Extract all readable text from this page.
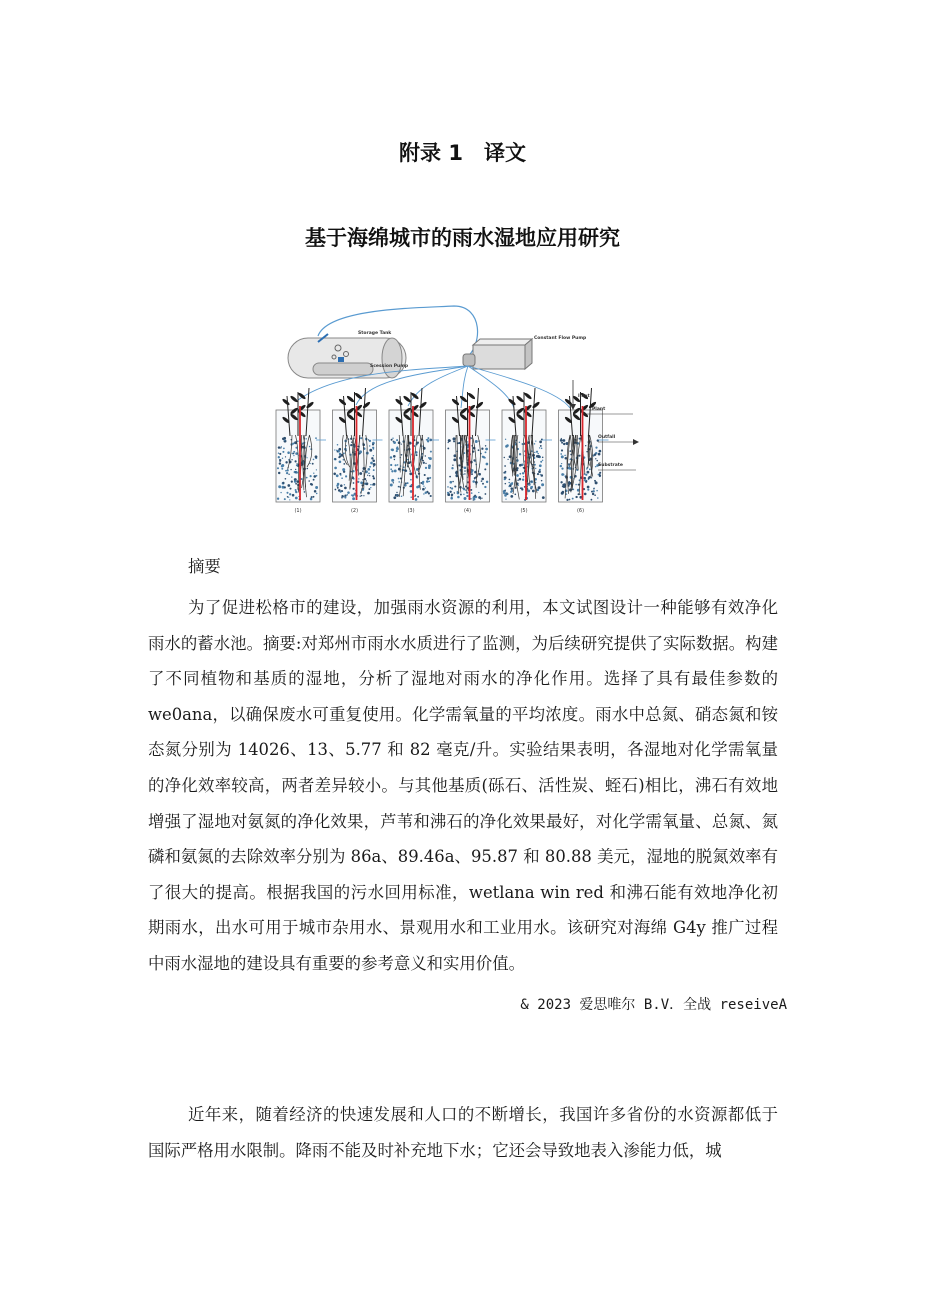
附录 1　译文
基于海绵城市的雨水湿地应用研究
Storage Tank
Scession Pump
Constant Flow Pump
(1)	(2)	(3)	(4)	(5)	(6)
Inlet
Plant
Outfall
Substrate

摘要

为了促进松格市的建设，加强雨水资源的利用，本文试图设计一种能够有效净化雨水的蓄水池。摘要:对郑州市雨水水质进行了监测，为后续研究提供了实际数据。构建了不同植物和基质的湿地，分析了湿地对雨水的净化作用。选择了具有最佳参数的 we0ana，以确保废水可重复使用。化学需氧量的平均浓度。雨水中总氮、硝态氮和铵态氮分别为 14026、13、5.77 和 82 毫克/升。实验结果表明，各湿地对化学需氧量的净化效率较高，两者差异较小。与其他基质(砾石、活性炭、蛭石)相比，沸石有效地增强了湿地对氨氮的净化效果，芦苇和沸石的净化效果最好，对化学需氧量、总氮、氮磷和氨氮的去除效率分别为 86a、89.46a、95.87 和 80.88 美元，湿地的脱氮效率有了很大的提高。根据我国的污水回用标准，wetlana win red 和沸石能有效地净化初期雨水，出水可用于城市杂用水、景观用水和工业用水。该研究对海绵 G4y 推广过程中雨水湿地的建设具有重要的参考意义和实用价值。

& 2023 爱思唯尔 B.V．全战 reseiveA

近年来，随着经济的快速发展和人口的不断增长，我国许多省份的水资源都低于国际严格用水限制。降雨不能及时补充地下水；它还会导致地表入渗能力低，城
